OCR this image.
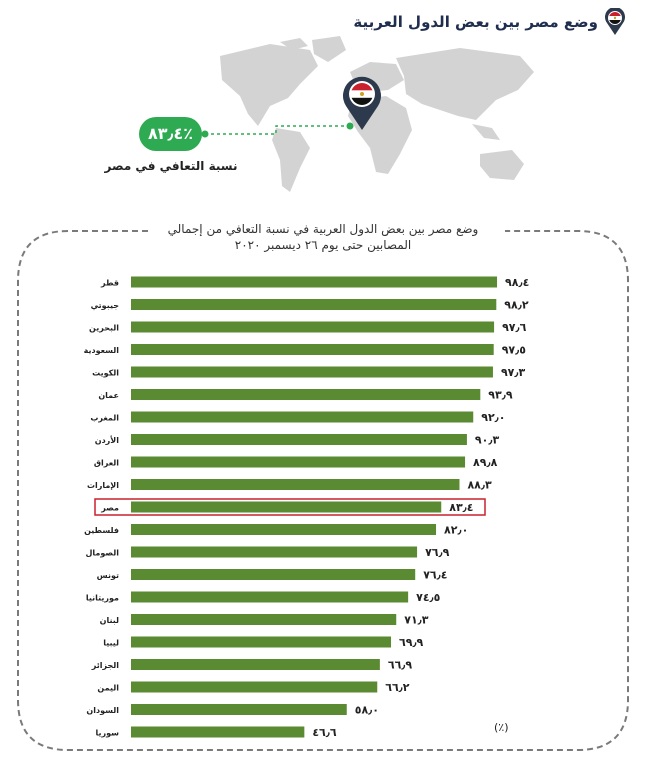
وضع مصر بين بعض الدول العربية
٨٣٫٤٪
نسبة التعافي في مصر
وضع مصر بين بعض الدول العربية في نسبة التعافي من إجمالي
المصابين حتى يوم ٢٦ ديسمبر ٢٠٢٠
قطر	٩٨٫٤
جيبوتي	٩٨٫٢
البحرين	٩٧٫٦
السعودية	٩٧٫٥
الكويت	٩٧٫٣
عمان	٩٣٫٩
المغرب	٩٢٫٠
الأردن	٩٠٫٣
العراق	٨٩٫٨
الإمارات	٨٨٫٣
مصر	٨٣٫٤
فلسطين	٨٢٫٠
الصومال	٧٦٫٩
تونس	٧٦٫٤
موريتانيا	٧٤٫٥
لبنان	٧١٫٣
ليبيا	٦٩٫٩
الجزائر	٦٦٫٩
اليمن	٦٦٫٢
السودان	٥٨٫٠
سوريا	٤٦٫٦	(٪)
